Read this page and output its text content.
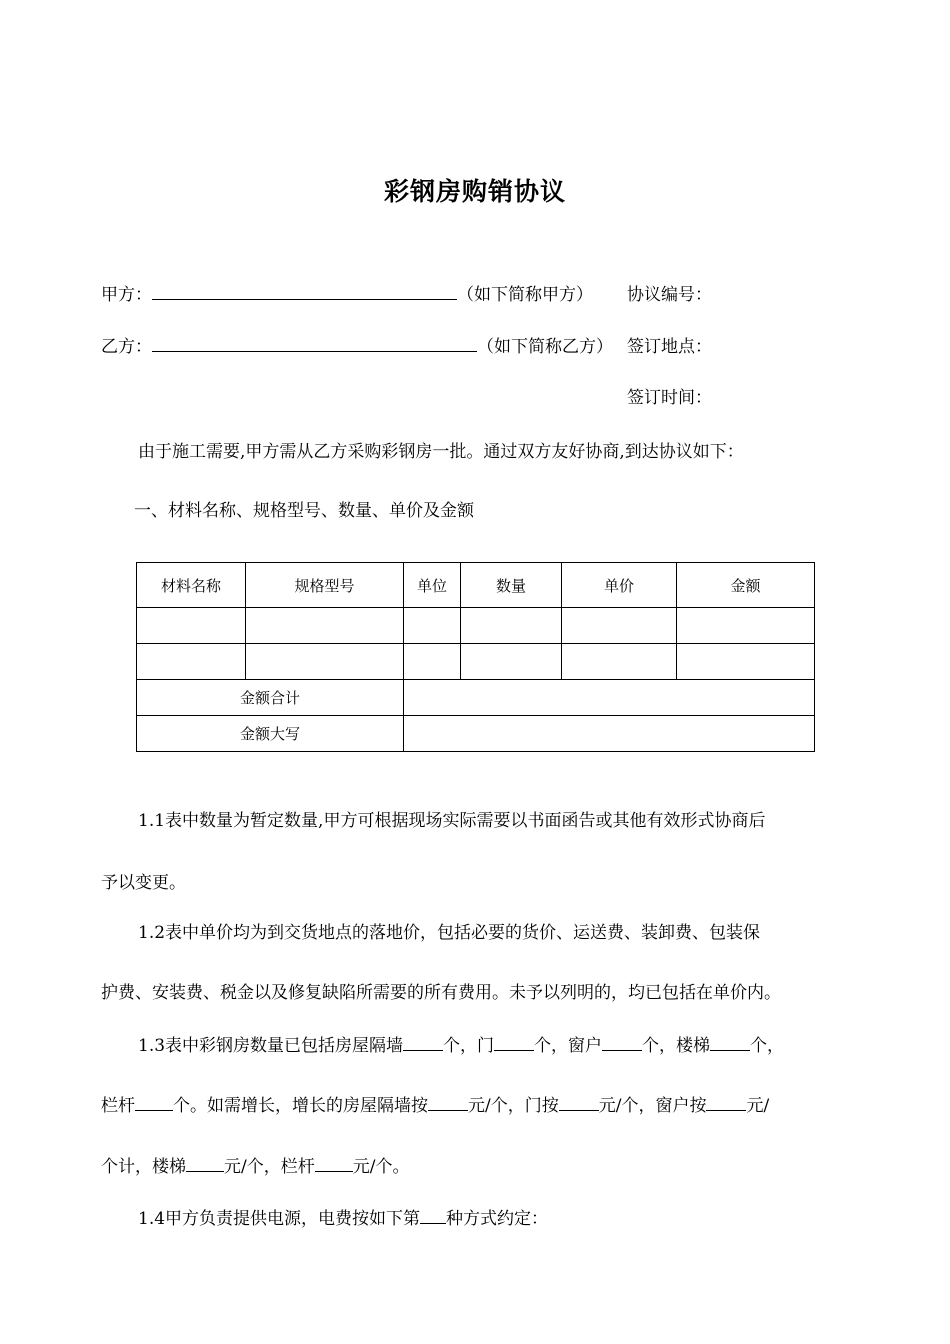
彩钢房购销协议
甲方：	（如下简称甲方） 协议编号：
乙方：	（如下简称乙方） 签订地点：
签订时间：
由于施工需要,甲方需从乙方采购彩钢房一批。通过双方友好协商,到达协议如下：
一、材料名称、规格型号、数量、单价及金额
材料名称	规格型号	单位	数量	单价	金额

金额合计					
金额大写					
1.1表中数量为暂定数量,甲方可根据现场实际需要以书面函告或其他有效形式协商后
予以变更。
1.2表中单价均为到交货地点的落地价，包括必要的货价、运送费、装卸费、包装保
护费、安装费、税金以及修复缺陷所需要的所有费用。未予以列明的，均已包括在单价内。
1.3表中彩钢房数量已包括房屋隔墙 个，门 个，窗户 个，楼梯 个，
栏杆 个。如需增长，增长的房屋隔墙按 元/个，门按 元/个，窗户按 元/
个计，楼梯 元/个，栏杆 元/个。
1.4甲方负责提供电源，电费按如下第 种方式约定：
